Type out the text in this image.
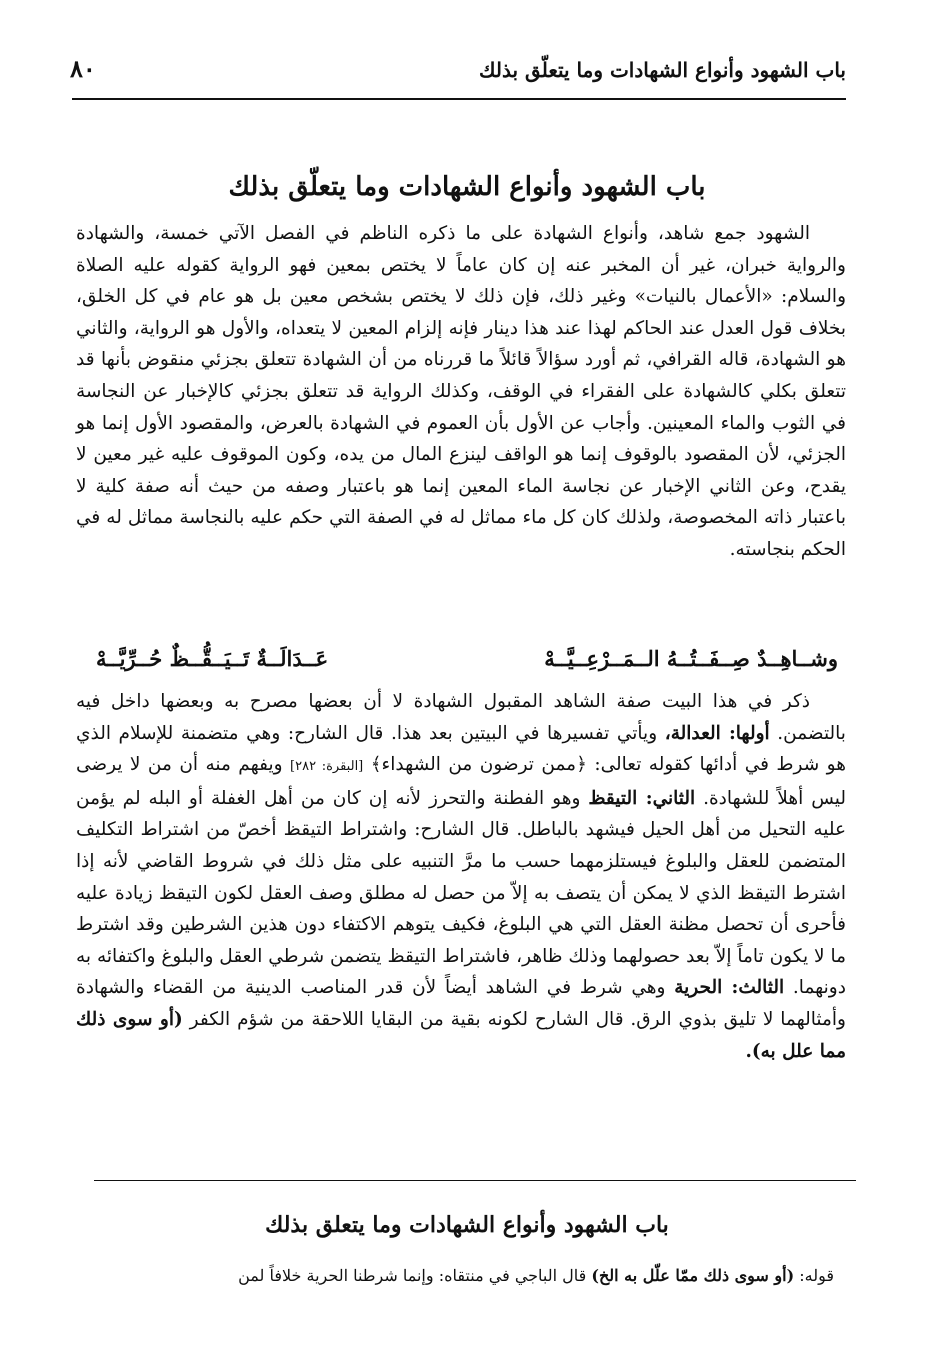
باب الشهود وأنواع الشهادات وما يتعلّق بذلك
٨٠
باب الشهود وأنواع الشهادات وما يتعلّق بذلك

الشهود جمع شاهد، وأنواع الشهادة على ما ذكره الناظم في الفصل الآتي خمسة، والشهادة والرواية خبران، غير أن المخبر عنه إن كان عاماً لا يختص بمعين فهو الرواية كقوله عليه الصلاة والسلام: «الأعمال بالنيات» وغير ذلك، فإن ذلك لا يختص بشخص معين بل هو عام في كل الخلق، بخلاف قول العدل عند الحاكم لهذا عند هذا دينار فإنه إلزام المعين لا يتعداه، والأول هو الرواية، والثاني هو الشهادة، قاله القرافي، ثم أورد سؤالاً قائلاً ما قررناه من أن الشهادة تتعلق بجزئي منقوض بأنها قد تتعلق بكلي كالشهادة على الفقراء في الوقف، وكذلك الرواية قد تتعلق بجزئي كالإخبار عن النجاسة في الثوب والماء المعينين. وأجاب عن الأول بأن العموم في الشهادة بالعرض، والمقصود الأول إنما هو الجزئي، لأن المقصود بالوقوف إنما هو الواقف لينزع المال من يده، وكون الموقوف عليه غير معين لا يقدح، وعن الثاني الإخبار عن نجاسة الماء المعين إنما هو باعتبار وصفه من حيث أنه صفة كلية لا باعتبار ذاته المخصوصة، ولذلك كان كل ماء مماثل له في الصفة التي حكم عليه بالنجاسة مماثل له في الحكم بنجاسته.

وشــاهِــدٌ صِــفَــتُــهُ الــمَــرْعِــيَّــهْ
عَــدَالَــةٌ تَــيَــقُّــظٌ حُــرِّيَّــهْ

ذكر في هذا البيت صفة الشاهد المقبول الشهادة لا أن بعضها مصرح به وبعضها داخل فيه بالتضمن. أولها: العدالة، ويأتي تفسيرها في البيتين بعد هذا. قال الشارح: وهي متضمنة للإسلام الذي هو شرط في أدائها كقوله تعالى: ﴿ممن ترضون من الشهداء﴾ [البقرة: ٢٨٢] ويفهم منه أن من لا يرضى ليس أهلاً للشهادة. الثاني: التيقظ وهو الفطنة والتحرز لأنه إن كان من أهل الغفلة أو البله لم يؤمن عليه التحيل من أهل الحيل فيشهد بالباطل. قال الشارح: واشتراط التيقظ أخصّ من اشتراط التكليف المتضمن للعقل والبلوغ فيستلزمهما حسب ما مرَّ التنبيه على مثل ذلك في شروط القاضي لأنه إذا اشترط التيقظ الذي لا يمكن أن يتصف به إلاّ من حصل له مطلق وصف العقل لكون التيقظ زيادة عليه فأحرى أن تحصل مظنة العقل التي هي البلوغ، فكيف يتوهم الاكتفاء دون هذين الشرطين وقد اشترط ما لا يكون تاماً إلاّ بعد حصولهما وذلك ظاهر، فاشتراط التيقظ يتضمن شرطي العقل والبلوغ واكتفائه به دونهما. الثالث: الحرية وهي شرط في الشاهد أيضاً لأن قدر المناصب الدينية من القضاء والشهادة وأمثالهما لا تليق بذوي الرق. قال الشارح لكونه بقية من البقايا اللاحقة من شؤم الكفر (أو سوى ذلك مما علل به).

باب الشهود وأنواع الشهادات وما يتعلق بذلك
قوله: (أو سوى ذلك ممّا علّل به الخ) قال الباجي في منتقاه: وإنما شرطنا الحرية خلافاً لمن
